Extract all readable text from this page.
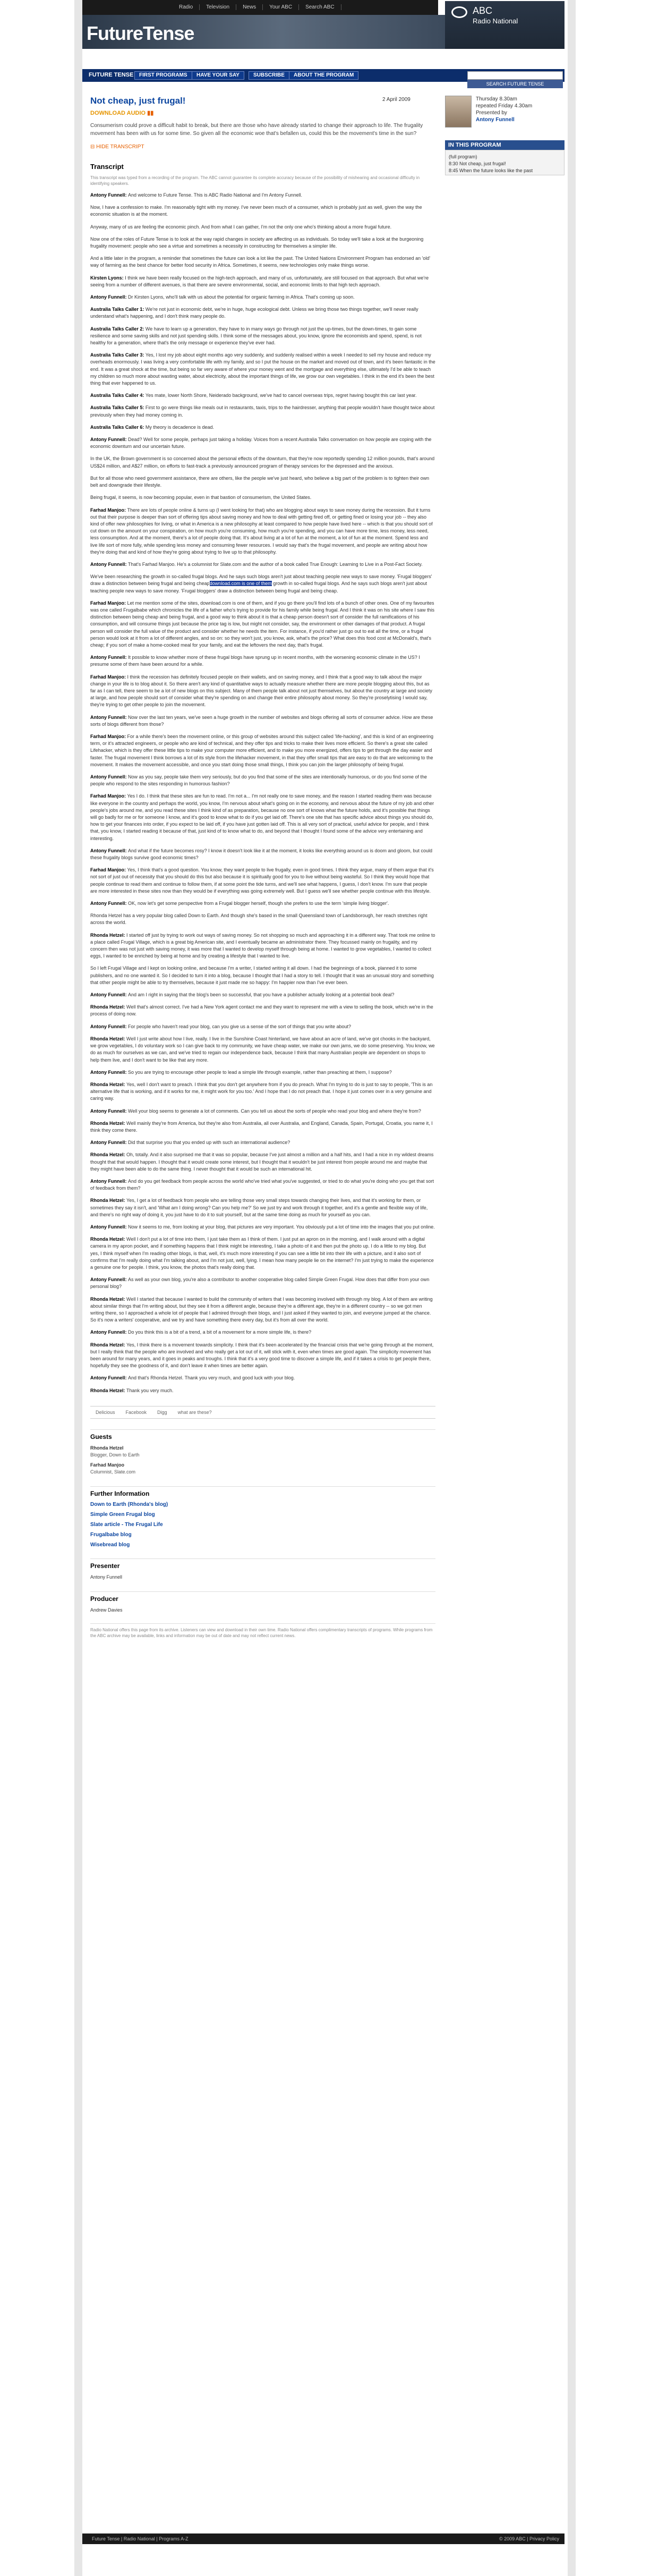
Radio	Television	News	Your ABC	Search ABC
FutureTense
ABC
Radio National
FUTURE TENSE	FIRST PROGRAMS	HAVE YOUR SAY	SUBSCRIBE	ABOUT THE PROGRAM
SEARCH FUTURE TENSE
2 April 2009
Not cheap, just frugal!
DOWNLOAD AUDIO ▮▮
Consumerism could prove a difficult habit to break, but there are those who have already started to change their approach to life. The frugality movement has been with us for some time. So given all the economic woe that's befallen us, could this be the movement's time in the sun?
⊟ HIDE TRANSCRIPT
Transcript
This transcript was typed from a recording of the program. The ABC cannot guarantee its complete accuracy because of the possibility of mishearing and occasional difficulty in identifying speakers.

Antony Funnell: And welcome to Future Tense. This is ABC Radio National and I'm Antony Funnell.

Now, I have a confession to make. I'm reasonably tight with my money. I've never been much of a consumer, which is probably just as well, given the way the economic situation is at the moment.

Anyway, many of us are feeling the economic pinch. And from what I can gather, I'm not the only one who's thinking about a more frugal future.

Now one of the roles of Future Tense is to look at the way rapid changes in society are affecting us as individuals. So today we'll take a look at the burgeoning frugality movement: people who see a virtue and sometimes a necessity in constructing for themselves a simpler life.

And a little later in the program, a reminder that sometimes the future can look a lot like the past. The United Nations Environment Program has endorsed an 'old' way of farming as the best chance for better food security in Africa. Sometimes, it seems, new technologies only make things worse.

Kirsten Lyons: I think we have been really focused on the high-tech approach, and many of us, unfortunately, are still focused on that approach. But what we're seeing from a number of different avenues, is that there are severe environmental, social, and economic limits to that high tech approach.

Antony Funnell: Dr Kirsten Lyons, who'll talk with us about the potential for organic farming in Africa. That's coming up soon.

Australia Talks Caller 1: We're not just in economic debt, we're in huge, huge ecological debt. Unless we bring those two things together, we'll never really understand what's happening, and I don't think many people do.

Australia Talks Caller 2: We have to learn up a generation, they have to in many ways go through not just the up-times, but the down-times, to gain some resilience and some saving skills and not just spending skills. I think some of the messages about, you know, ignore the economists and spend, spend, is not healthy for a generation, where that's the only message or experience they've ever had.

Australia Talks Caller 3: Yes, I lost my job about eight months ago very suddenly, and suddenly realised within a week I needed to sell my house and reduce my overheads enormously. I was living a very comfortable life with my family, and so I put the house on the market and moved out of town, and it's been fantastic in the end. It was a great shock at the time, but being so far very aware of where your money went and the mortgage and everything else, ultimately I'd be able to teach my children so much more about wasting water, about electricity, about the important things of life, we grow our own vegetables. I think in the end it's been the best thing that ever happened to us.

Australia Talks Caller 4: Yes mate, lower North Shore, Neiderado background, we've had to cancel overseas trips, regret having bought this car last year.

Australia Talks Caller 5: First to go were things like meals out in restaurants, taxis, trips to the hairdresser, anything that people wouldn't have thought twice about previously when they had money coming in.

Australia Talks Caller 6: My theory is decadence is dead.

Antony Funnell: Dead? Well for some people, perhaps just taking a holiday. Voices from a recent Australia Talks conversation on how people are coping with the economic downturn and our uncertain future.

In the UK, the Brown government is so concerned about the personal effects of the downturn, that they're now reportedly spending 12 million pounds, that's around US$24 million, and A$27 million, on efforts to fast-track a previously announced program of therapy services for the depressed and the anxious.

But for all those who need government assistance, there are others, like the people we've just heard, who believe a big part of the problem is to tighten their own belt and downgrade their lifestyle.

Being frugal, it seems, is now becoming popular, even in that bastion of consumerism, the United States.

Farhad Manjoo: There are lots of people online & turns up (I went looking for that) who are blogging about ways to save money during the recession. But it turns out that their purpose is deeper than sort of offering tips about saving money and how to deal with getting fired off, or getting fined or losing your job -- they also kind of offer new philosophies for living, or what in America is a new philosophy at least compared to how people have lived here -- which is that you should sort of cut down on the amount on your conspiration, on how much you're consuming, how much you're spending, and you can have more time, less money, less need, less consumption. And at the moment, there's a lot of people doing that. It's about living at a lot of fun at the moment, a lot of fun at the moment. Spend less and live life sort of more fully, while spending less money and consuming fewer resources. I would say that's the frugal movement, and people are writing about how they're doing that and kind of how they're going about trying to live up to that philosophy.

Antony Funnell: That's Farhad Manjoo. He's a columnist for Slate.com and the author of a book called True Enough: Learning to Live in a Post-Fact Society.

We've been researching the growth in so-called frugal blogs. And he says such blogs aren't just about teaching people new ways to save money. 'Frugal bloggers' draw a distinction between being frugal and being cheapdownload.com is one of them growth in so-called frugal blogs. And he says such blogs aren't just about teaching people new ways to save money. 'Frugal bloggers' draw a distinction between being frugal and being cheap.

Farhad Manjoo: Let me mention some of the sites, download.com is one of them, and if you go there you'll find lots of a bunch of other ones. One of my favourites was one called Frugalbabe which chronicles the life of a father who's trying to provide for his family while being frugal. And I think it was on his site where I saw this distinction between being cheap and being frugal, and a good way to think about it is that a cheap person doesn't sort of consider the full ramifications of his consumption, and will consume things just because the price tag is low, but might not consider, say, the environment or other damages of that product. A frugal person will consider the full value of the product and consider whether he needs the item. For instance, if you'd rather just go out to eat all the time, or a frugal person would look at it from a lot of different angles, and so on: so they won't just, you know, ask, what's the price? What does this food cost at McDonald's, that's cheap; if you sort of make a home-cooked meal for your family, and eat the leftovers the next day, that's frugal.

Antony Funnell: It possible to know whether more of these frugal blogs have sprung up in recent months, with the worsening economic climate in the US? I presume some of them have been around for a while.

Farhad Manjoo: I think the recession has definitely focused people on their wallets, and on saving money, and I think that a good way to talk about the major change in your life is to blog about it. So there aren't any kind of quantitative ways to actually measure whether there are more people blogging about this, but as far as I can tell, there seem to be a lot of new blogs on this subject. Many of them people talk about not just themselves, but about the country at large and society at large, and how people should sort of consider what they're spending on and change their entire philosophy about money. So they're proselytising I would say, they're trying to get other people to join the movement.

Antony Funnell: Now over the last ten years, we've seen a huge growth in the number of websites and blogs offering all sorts of consumer advice. How are these sorts of blogs different from those?

Farhad Manjoo: For a while there's been the movement online, or this group of websites around this subject called 'life-hacking', and this is kind of an engineering term, or it's attracted engineers, or people who are kind of technical, and they offer tips and tricks to make their lives more efficient. So there's a great site called Lifehacker, which is they offer these little tips to make your computer more efficient, and to make you more energized, offers tips to get through the day easier and faster. The frugal movement I think borrows a lot of its style from the lifehacker movement, in that they offer small tips that are easy to do that are welcoming to the movement. It makes the movement accessible, and once you start doing those small things, I think you can join the larger philosophy of being frugal.

Antony Funnell: Now as you say, people take them very seriously, but do you find that some of the sites are intentionally humorous, or do you find some of the people who respond to the sites responding in humorous fashion?

Farhad Manjoo: Yes I do. I think that these sites are fun to read. I'm not a... I'm not really one to save money, and the reason I started reading them was because like everyone in the country and perhaps the world, you know, I'm nervous about what's going on in the economy, and nervous about the future of my job and other people's jobs around me, and you read these sites I think kind of as preparation, because no one sort of knows what the future holds, and it's possible that things will go badly for me or for someone I know, and it's good to know what to do if you get laid off. There's one site that has specific advice about things you should do, how to get your finances into order, if you expect to be laid off, if you have just gotten laid off. This is all very sort of practical, useful advice for people, and I think that, you know, I started reading it because of that, just kind of to know what to do, and beyond that I thought I found some of the advice very entertaining and interesting.

Antony Funnell: And what if the future becomes rosy? I know it doesn't look like it at the moment, it looks like everything around us is doom and gloom, but could these frugality blogs survive good economic times?

Farhad Manjoo: Yes, I think that's a good question. You know, they want people to live frugally, even in good times. I think they argue, many of them argue that it's not sort of just out of necessity that you should do this but also because it is spiritually good for you to live without being wasteful. So I think they would hope that people continue to read them and continue to follow them, if at some point the tide turns, and we'll see what happens, I guess, I don't know. I'm sure that people are more interested in these sites now than they would be if everything was going extremely well. But I guess we'll see whether people continue with this lifestyle.

Antony Funnell: OK, now let's get some perspective from a Frugal blogger herself, though she prefers to use the term 'simple living blogger'.

Rhonda Hetzel has a very popular blog called Down to Earth. And though she's based in the small Queensland town of Landsborough, her reach stretches right across the world.

Rhonda Hetzel: I started off just by trying to work out ways of saving money. So not shopping so much and approaching it in a different way. That took me online to a place called Frugal Village, which is a great big American site, and I eventually became an administrator there. They focussed mainly on frugality, and my concern then was not just with saving money, it was more that I wanted to develop myself through being at home. I wanted to grow vegetables, I wanted to collect eggs, I wanted to be enriched by being at home and by creating a lifestyle that I wanted to live.

So I left Frugal Village and I kept on looking online, and because I'm a writer, I started writing it all down. I had the beginnings of a book, planned it to some publishers, and no one wanted it. So I decided to turn it into a blog, because I thought that I had a story to tell. I thought that it was an unusual story and something that other people might be able to try themselves, because it just made me so happy: I'm happier now than I've ever been.

Antony Funnell: And am I right in saying that the blog's been so successful, that you have a publisher actually looking at a potential book deal?

Rhonda Hetzel: Well that's almost correct. I've had a New York agent contact me and they want to represent me with a view to selling the book, which we're in the process of doing now.

Antony Funnell: For people who haven't read your blog, can you give us a sense of the sort of things that you write about?

Rhonda Hetzel: Well I just write about how I live, really. I live in the Sunshine Coast hinterland, we have about an acre of land, we've got chooks in the backyard, we grow vegetables, I do voluntary work so I can give back to my community, we have cheap water, we make our own jams, we do some preserving. You know, we do as much for ourselves as we can, and we've tried to regain our independence back, because I think that many Australian people are dependent on shops to help them live, and I don't want to be like that any more.

Antony Funnell: So you are trying to encourage other people to lead a simple life through example, rather than preaching at them, I suppose?

Rhonda Hetzel: Yes, well I don't want to preach. I think that you don't get anywhere from if you do preach. What I'm trying to do is just to say to people, 'This is an alternative life that is working, and if it works for me, it might work for you too.' And I hope that I do not preach that. I hope it just comes over in a very genuine and caring way.

Antony Funnell: Well your blog seems to generate a lot of comments. Can you tell us about the sorts of people who read your blog and where they're from?

Rhonda Hetzel: Well mainly they're from America, but they're also from Australia, all over Australia, and England, Canada, Spain, Portugal, Croatia, you name it, I think they come there.

Antony Funnell: Did that surprise you that you ended up with such an international audience?

Rhonda Hetzel: Oh, totally. And it also surprised me that it was so popular, because I've just almost a million and a half hits, and I had a nice in my wildest dreams thought that that would happen. I thought that it would create some interest, but I thought that it wouldn't be just interest from people around me and maybe that they might have been able to do the same thing. I never thought that it would be such an international hit.

Antony Funnell: And do you get feedback from people across the world who've tried what you've suggested, or tried to do what you're doing who you get that sort of feedback from them?

Rhonda Hetzel: Yes, I get a lot of feedback from people who are telling those very small steps towards changing their lives, and that it's working for them, or sometimes they say it isn't, and 'What am I doing wrong? Can you help me?' So we just try and work through it together, and it's a gentle and flexible way of life, and there's no right way of doing it, you just have to do it to suit yourself, but at the same time doing as much for yourself as you can.

Antony Funnell: Now it seems to me, from looking at your blog, that pictures are very important. You obviously put a lot of time into the images that you put online.

Rhonda Hetzel: Well I don't put a lot of time into them, I just take them as I think of them. I just put an apron on in the morning, and I walk around with a digital camera in my apron pocket, and if something happens that I think might be interesting, I take a photo of it and then put the photo up. I do a little to my blog. But yes, I think myself when I'm reading other blogs, is that, well, it's much more interesting if you can see a little bit into their life with a picture, and it also sort of confirms that I'm really doing what I'm talking about, and I'm not just, well, lying. I mean how many people lie on the internet? I'm just trying to make the experience a genuine one for people. I think, you know, the photos that's really doing that.

Antony Funnell: As well as your own blog, you're also a contributor to another cooperative blog called Simple Green Frugal. How does that differ from your own personal blog?

Rhonda Hetzel: Well I started that because I wanted to build the community of writers that I was becoming involved with through my blog. A lot of them are writing about similar things that I'm writing about, but they see it from a different angle, because they're a different age, they're in a different country -- so we got men writing there, so I approached a whole lot of people that I admired through their blogs, and I just asked if they wanted to join, and everyone jumped at the chance. So it's now a writers' cooperative, and we try and have something there every day, but it's from all over the world.

Antony Funnell: Do you think this is a bit of a trend, a bit of a movement for a more simple life, is there?

Rhonda Hetzel: Yes, I think there is a movement towards simplicity. I think that it's been accelerated by the financial crisis that we're going through at the moment, but I really think that the people who are involved and who really get a lot out of it, will stick with it, even when times are good again. The simplicity movement has been around for many years, and it goes in peaks and troughs. I think that it's a very good time to discover a simple life, and if it takes a crisis to get people there, hopefully they see the goodness of it, and don't leave it when times are better again.

Antony Funnell: And that's Rhonda Hetzel. Thank you very much, and good luck with your blog.

Rhonda Hetzel: Thank you very much.

Delicious Facebook Digg what are these?
Guests
Rhonda Hetzel
Blogger, Down to Earth
Farhad Manjoo
Columnist, Slate.com
Further Information
Down to Earth (Rhonda's blog)
Simple Green Frugal blog
Slate article - The Frugal Life
Frugalbabe blog
Wisebread blog
Presenter
Antony Funnell
Producer
Andrew Davies
Radio National offers this page from its archive. Listeners can view and download in their own time. Radio National offers complimentary transcripts of programs. While programs from the ABC archive may be available, links and information may be out of date and may not reflect current news.
Thursday 8.30am
repeated Friday 4.30am
Presented by
Antony Funnell
IN THIS PROGRAM
(full program)
8:30 Not cheap, just frugal!
8:45 When the future looks like the past
Future Tense | Radio National | Programs A-Z	© 2009 ABC | Privacy Policy
